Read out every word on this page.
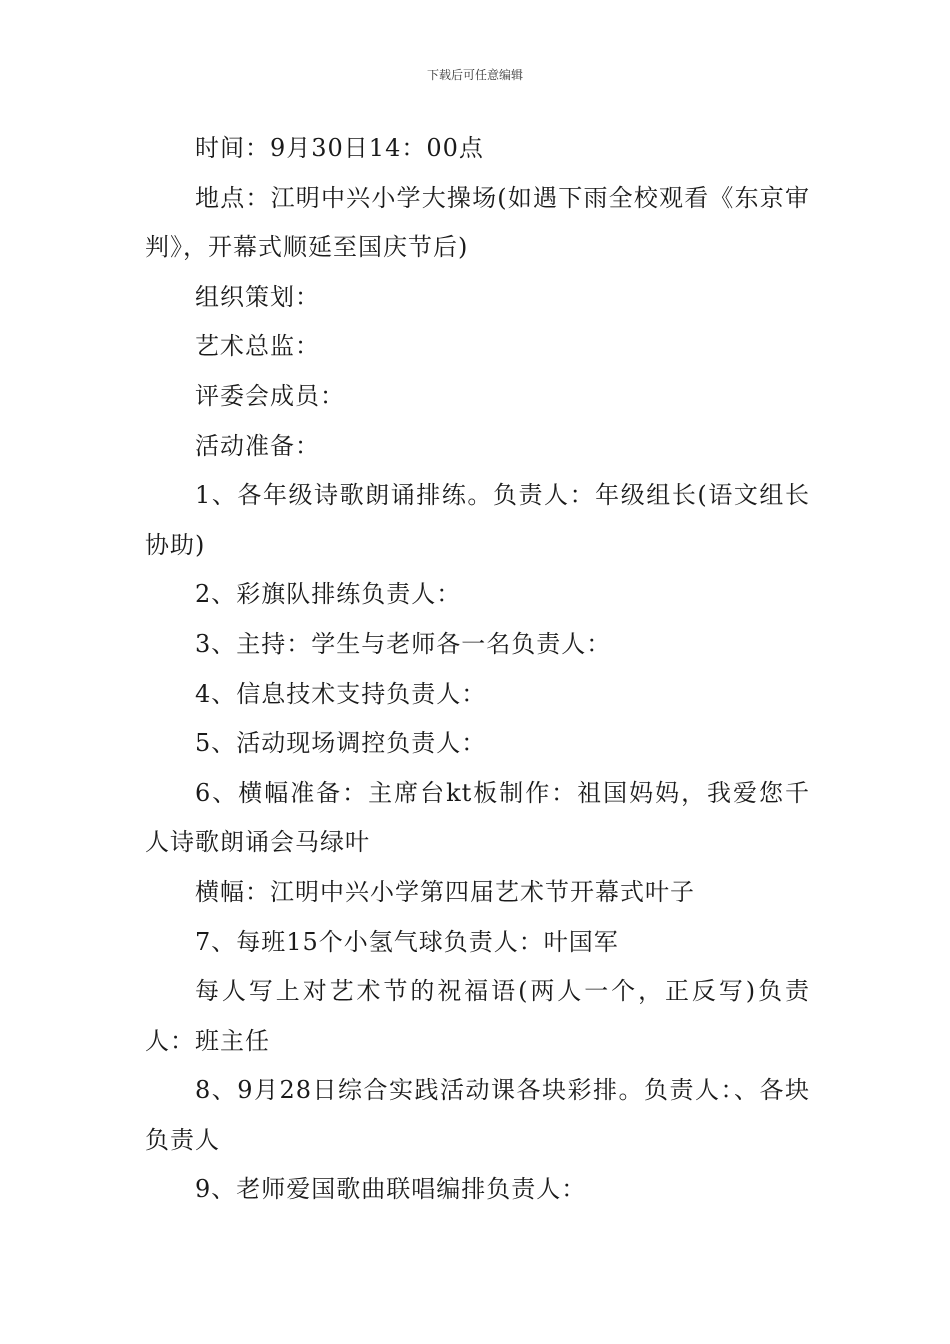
下载后可任意编辑

时间：9月30日14：00点

地点：江明中兴小学大操场(如遇下雨全校观看《东京审判》，开幕式顺延至国庆节后)

组织策划：

艺术总监：

评委会成员：

活动准备：

1、各年级诗歌朗诵排练。负责人：年级组长(语文组长协助)

2、彩旗队排练负责人：

3、主持：学生与老师各一名负责人：

4、信息技术支持负责人：

5、活动现场调控负责人：

6、横幅准备：主席台kt板制作：祖国妈妈，我爱您千人诗歌朗诵会马绿叶

横幅：江明中兴小学第四届艺术节开幕式叶子

7、每班15个小氢气球负责人：叶国军

每人写上对艺术节的祝福语(两人一个，正反写)负责人：班主任

8、9月28日综合实践活动课各块彩排。负责人：、各块负责人

9、老师爱国歌曲联唱编排负责人：
